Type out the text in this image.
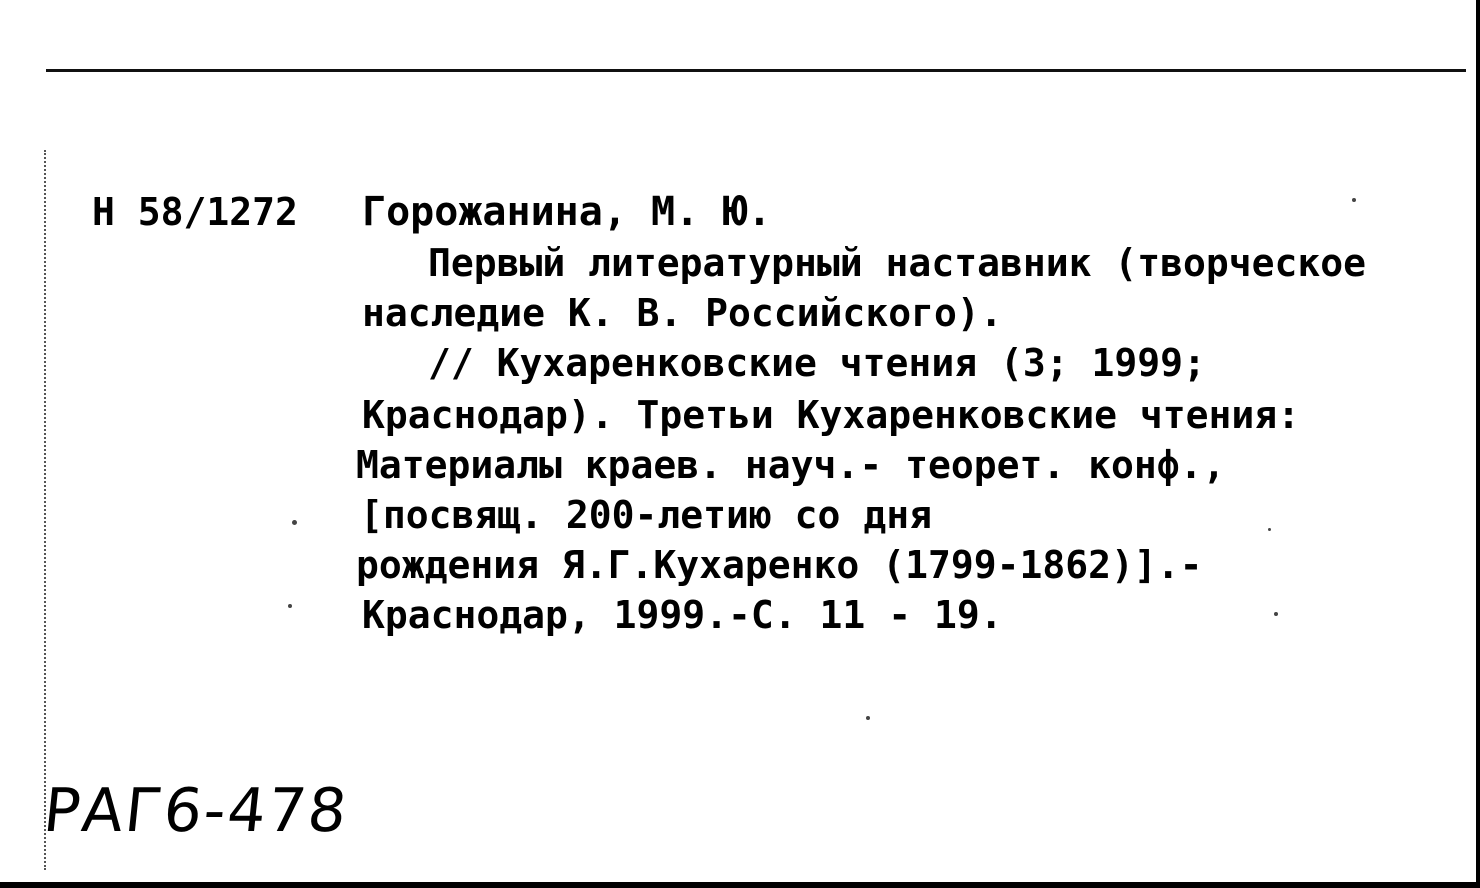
Н 58/1272 Горожанина, М. Ю.
Первый литературный наставник (творческое
наследие К. В. Российского).
// Кухаренковские чтения (3; 1999;
Краснодар). Третьи Кухаренковские чтения:
Материалы краев. науч.- теорет. конф.,
[посвящ. 200-летию со дня
рождения Я.Г.Кухаренко (1799-1862)].-
Краснодар, 1999.-С. 11 - 19.
РАГ6-478
